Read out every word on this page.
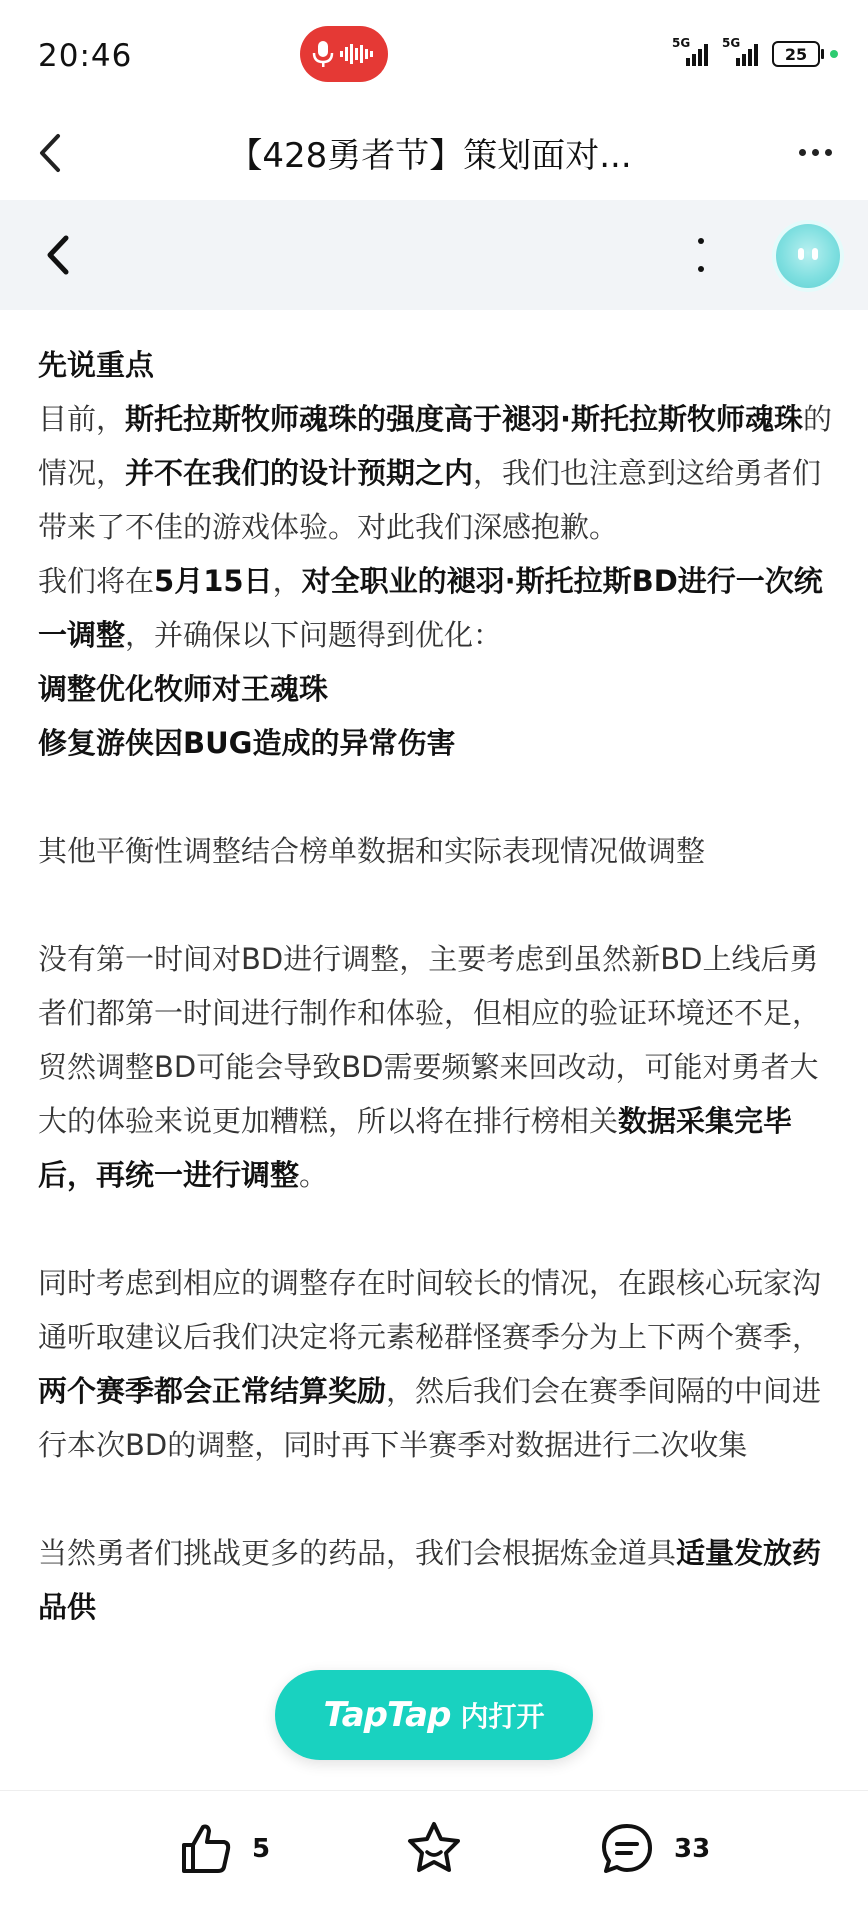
20:46	5G	5G
25
【428勇者节】策划面对...

先说重点

目前，斯托拉斯牧师魂珠的强度高于褪羽·斯托拉斯牧师魂珠的情况，并不在我们的设计预期之内，我们也注意到这给勇者们带来了不佳的游戏体验。对此我们深感抱歉。

我们将在5月15日，对全职业的褪羽·斯托拉斯BD进行一次统一调整，并确保以下问题得到优化：

调整优化牧师对王魂珠

修复游侠因BUG造成的异常伤害

其他平衡性调整结合榜单数据和实际表现情况做调整

没有第一时间对BD进行调整，主要考虑到虽然新BD上线后勇者们都第一时间进行制作和体验，但相应的验证环境还不足，贸然调整BD可能会导致BD需要频繁来回改动，可能对勇者大大的体验来说更加糟糕，所以将在排行榜相关数据采集完毕后，再统一进行调整。

同时考虑到相应的调整存在时间较长的情况，在跟核心玩家沟通听取建议后我们决定将元素秘群怪赛季分为上下两个赛季，两个赛季都会正常结算奖励，然后我们会在赛季间隔的中间进行本次BD的调整，同时再下半赛季对数据进行二次收集

当然勇者们挑战更多的药品，我们会根据炼金道具适量发放药品供

TapTap 内打开
5	33
